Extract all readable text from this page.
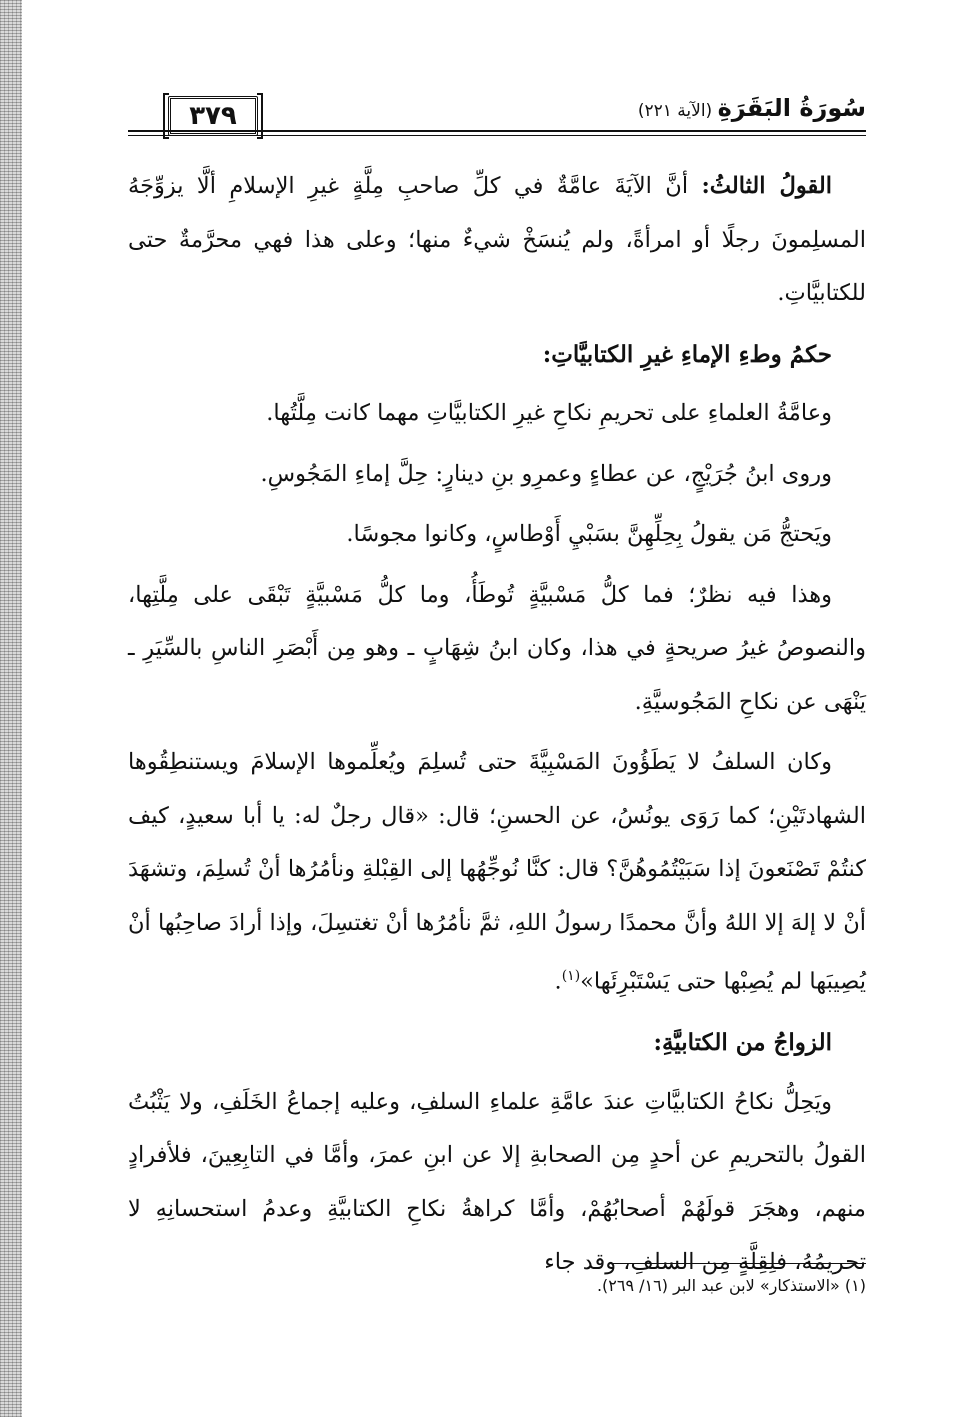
٣٧٩	سُورَةُ البَقَرَةِ (الآية ٢٢١)

القولُ الثالثُ: أنَّ الآيَةَ عامَّةٌ في كلِّ صاحبِ مِلَّةٍ غيرِ الإسلامِ ألَّا يزوِّجَهُ المسلِمونَ رجلًا أو امرأةً، ولم يُنسَخْ شيءٌ منها؛ وعلى هذا فهي محرَّمةٌ حتى للكتابيَّاتِ.

حكمُ وطءِ الإماءِ غيرِ الكتابيَّاتِ:

وعامَّةُ العلماءِ على تحريمِ نكاحِ غيرِ الكتابيَّاتِ مهما كانت مِلَّتُها.

وروى ابنُ جُرَيْجٍ، عن عطاءٍ وعمرِو بنِ دينارٍ: حِلَّ إماءِ المَجُوسِ.

ويَحتجُّ مَن يقولُ بِحِلِّهِنَّ بسَبْيِ أَوْطاسٍ، وكانوا مجوسًا.

وهذا فيه نظرٌ؛ فما كلُّ مَسْبيَّةٍ تُوطَأُ، وما كلُّ مَسْبيَّةٍ تَبْقَى على مِلَّتِها، والنصوصُ غيرُ صريحةٍ في هذا، وكان ابنُ شِهَابٍ ـ وهو مِن أَبْصَرِ الناسِ بالسِّيَرِ ـ يَنْهَى عن نكاحِ المَجُوسيَّةِ.

وكان السلفُ لا يَطَؤُونَ المَسْبِيَّةَ حتى تُسلِمَ ويُعلِّموها الإسلامَ ويستنطِقُوها الشهادتَيْنِ؛ كما رَوَى يونُسُ، عن الحسنِ؛ قال: «قال رجلٌ له: يا أبا سعيدٍ، كيف كنتُمْ تَصْنَعونَ إذا سَبَيْتُمُوهُنَّ؟ قال: كنَّا نُوجِّهُها إلى القِبْلةِ ونأمُرُها أنْ تُسلِمَ، وتشهَدَ أنْ لا إلهَ إلا اللهُ وأنَّ محمدًا رسولُ اللهِ، ثمَّ نأمُرُها أنْ تغتسِلَ، وإذا أرادَ صاحِبُها أنْ يُصِيبَها لم يُصِبْها حتى يَسْتَبْرِئَها»$^{(١)}$.

الزواجُ من الكتابيَّةِ:

ويَحِلُّ نكاحُ الكتابيَّاتِ عندَ عامَّةِ علماءِ السلفِ، وعليه إجماعُ الخَلَفِ، ولا يَثْبُتُ القولُ بالتحريمِ عن أحدٍ مِن الصحابةِ إلا عن ابنِ عمرَ، وأمَّا في التابِعِينَ، فلأفرادٍ منهم، وهجَرَ قولَهُمْ أصحابُهُمْ، وأمَّا كراهةُ نكاحِ الكتابيَّةِ وعدمُ استحسانِهِ لا تحريمُهُ، فلِقِلَّةٍ مِن السلفِ، وقد جاء

(١) «الاستذكار» لابن عبد البر (١٦/ ٢٦٩).
